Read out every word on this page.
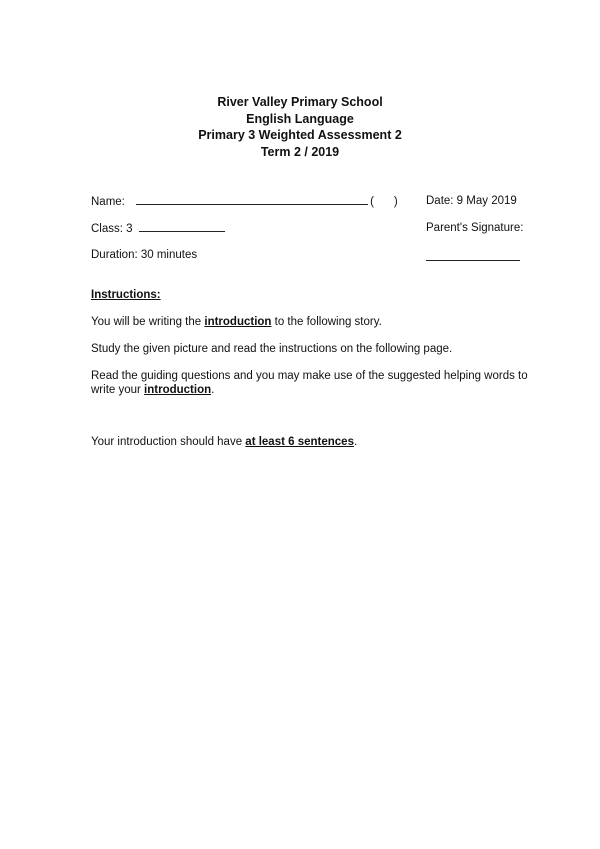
River Valley Primary School
English Language
Primary 3 Weighted Assessment 2
Term 2 / 2019
Name:	( ) Date: 9 May 2019
Class: 3	Parent's Signature:
Duration: 30 minutes
Instructions:
You will be writing the introduction to the following story.
Study the given picture and read the instructions on the following page.
Read the guiding questions and you may make use of the suggested helping words to write your introduction.
Your introduction should have at least 6 sentences.
